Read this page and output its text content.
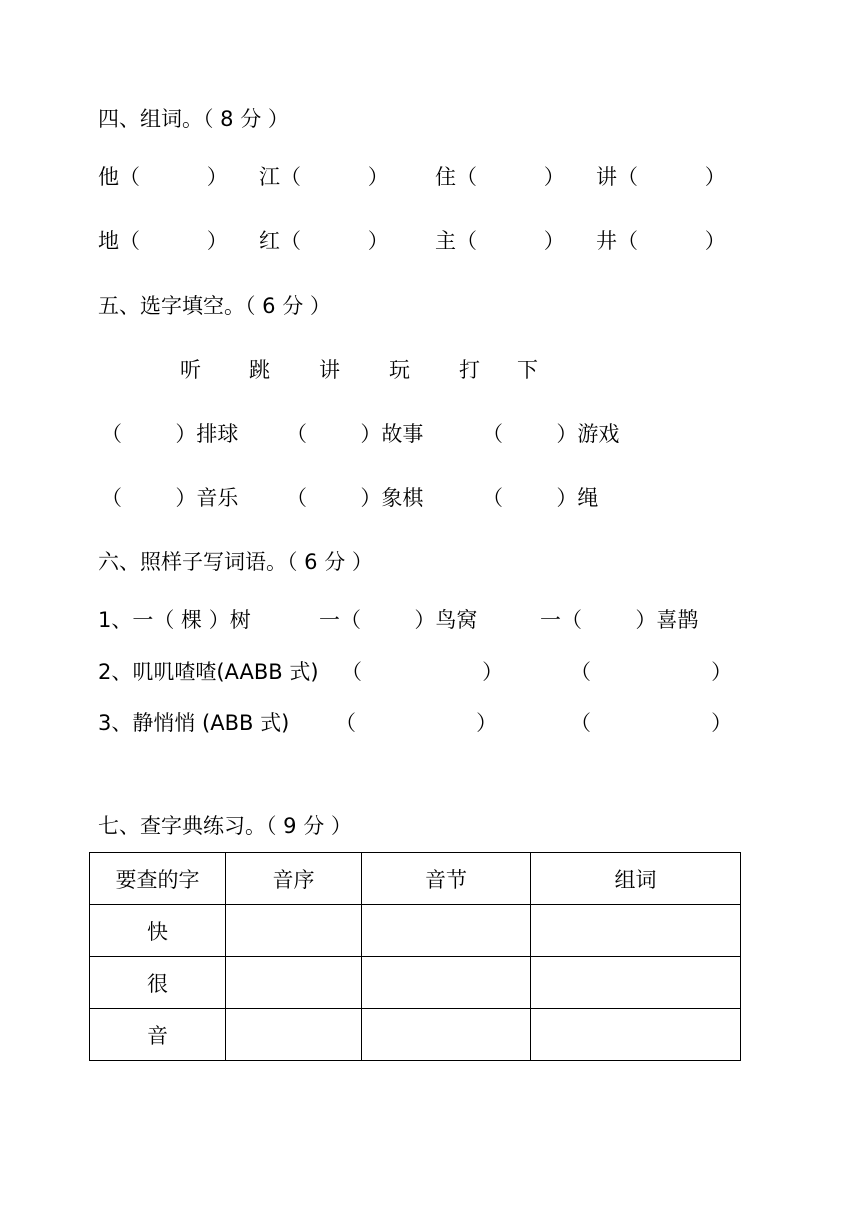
四、组词。（ 8 分 ）
他（          ） 江（          ） 住（          ） 讲（          ）
地（          ） 红（          ） 主（          ） 井（          ）
五、选字填空。（ 6 分 ）
听 跳 讲 玩 打 下
（        ）排球 （        ）故事	（        ）游戏
（        ）音乐 （        ）象棋	（        ）绳
六、照样子写词语。（ 6 分 ）
1、一（ 棵 ）树	一（        ）鸟窝	一（        ）喜鹊
2、叽叽喳喳(AABB 式) （                  ）	（                  ）
3、静悄悄 (ABB 式) （                  ）	（                  ）
七、查字典练习。（ 9 分 ）
要查的字	音序	音节	组词
快			
很			
音			
